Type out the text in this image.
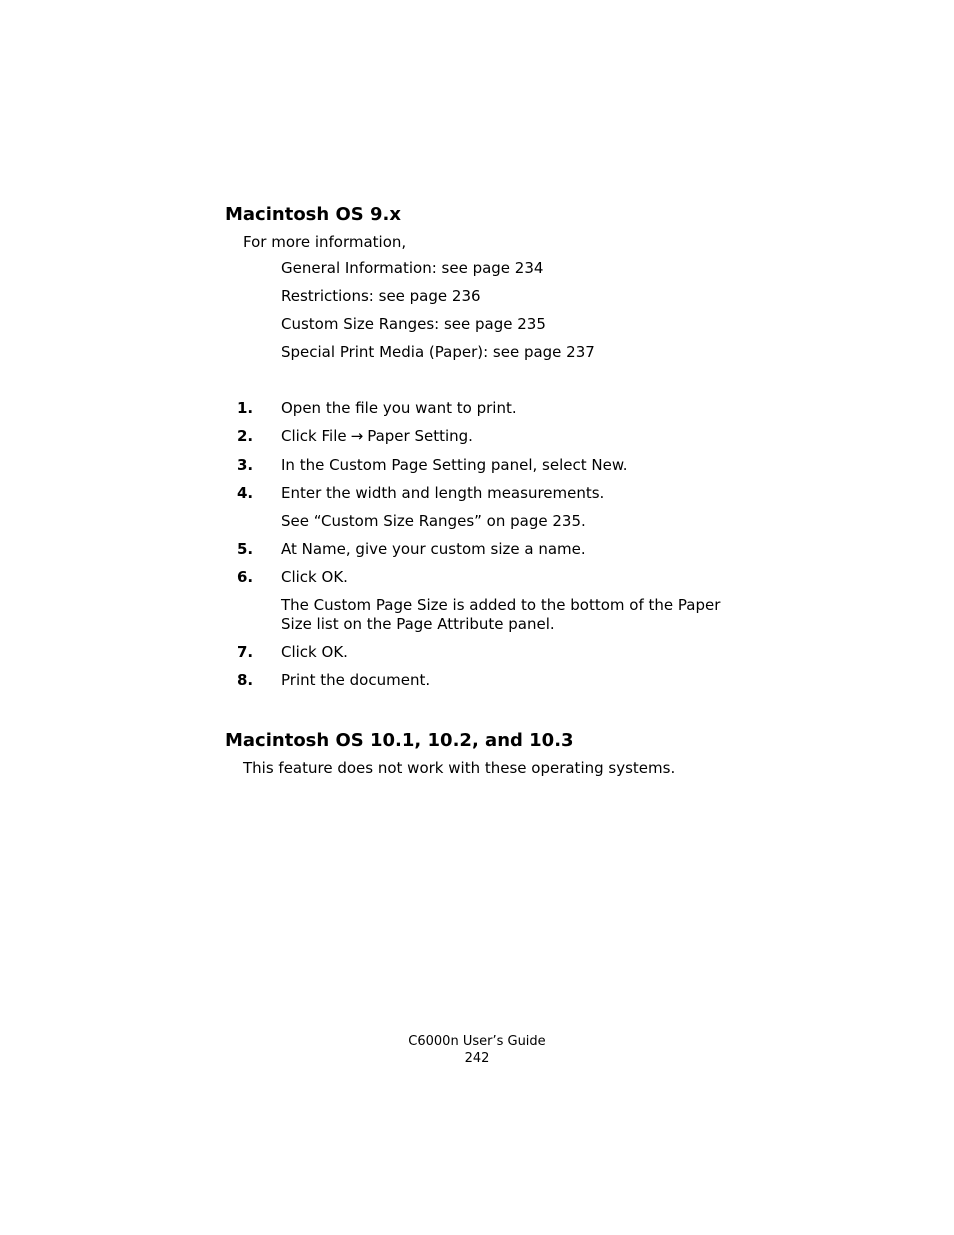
Macintosh OS 9.x
For more information,
General Information: see page 234
Restrictions: see page 236
Custom Size Ranges: see page 235
Special Print Media (Paper): see page 237
1. Open the file you want to print.
2. Click File → Paper Setting.
3. In the Custom Page Setting panel, select New.
4. Enter the width and length measurements.
See “Custom Size Ranges” on page 235.
5. At Name, give your custom size a name.
6. Click OK.
The Custom Page Size is added to the bottom of the Paper Size list on the Page Attribute panel.
7. Click OK.
8. Print the document.
Macintosh OS 10.1, 10.2, and 10.3
This feature does not work with these operating systems.
C6000n User’s Guide
242
